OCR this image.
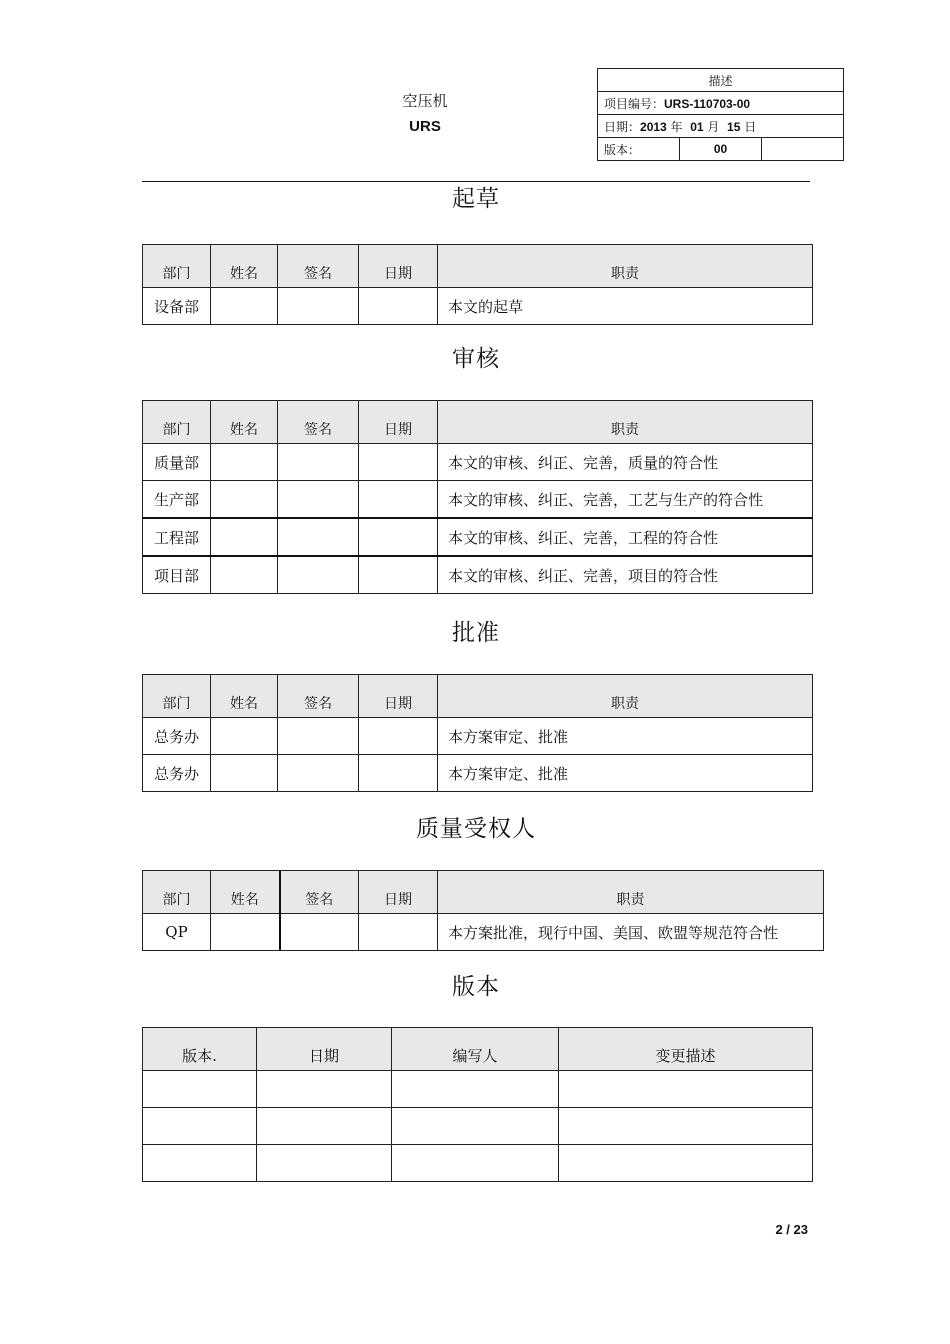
空压机
URS
描述
项目编号：URS-110703-00
日期：2013 年 01 月 15 日
版本：	00	
起草
部门	姓名	签名	日期	职责
设备部				本文的起草
审核
部门	姓名	签名	日期	职责
质量部				本文的审核、纠正、完善，质量的符合性
生产部				本文的审核、纠正、完善，工艺与生产的符合性
工程部				本文的审核、纠正、完善，工程的符合性
项目部				本文的审核、纠正、完善，项目的符合性
批准
部门	姓名	签名	日期	职责
总务办				本方案审定、批准
总务办				本方案审定、批准
质量受权人
部门	姓名	签名	日期	职责
QP				本方案批准，现行中国、美国、欧盟等规范符合性
版本
版本.	日期	编写人	变更描述

2 / 23
